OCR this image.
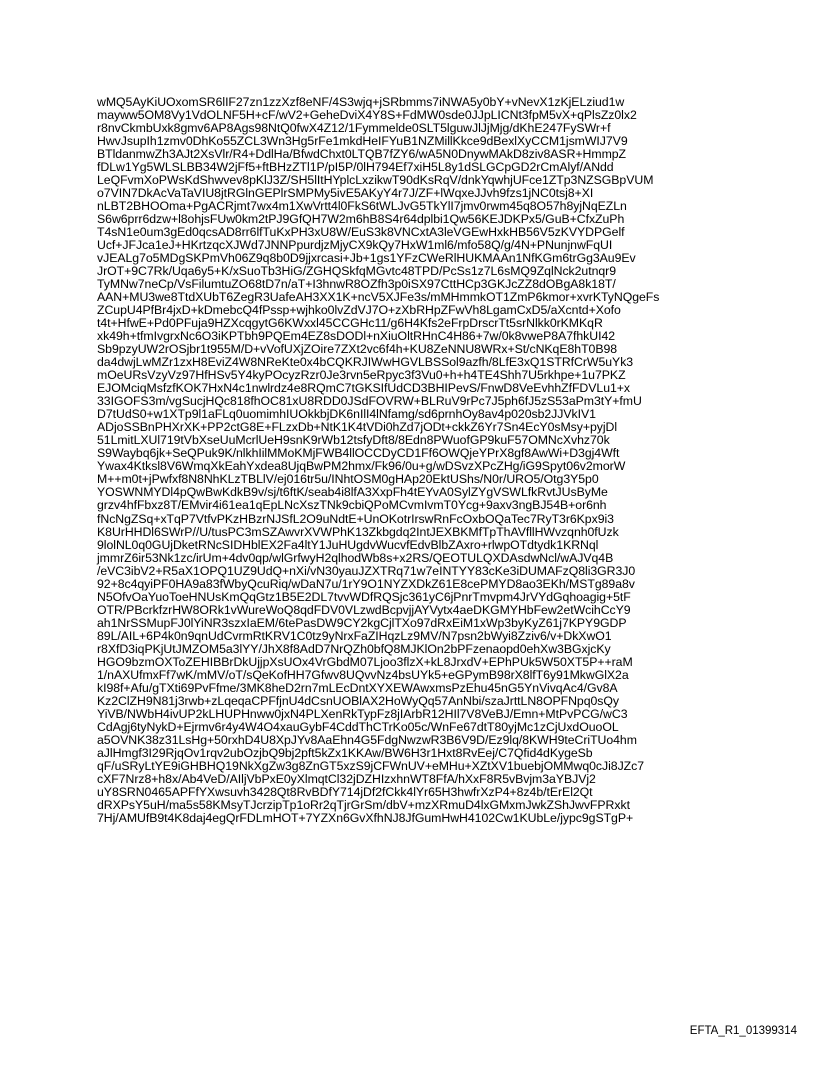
wMQ5AyKiUOxomSR6lIF27zn1zzXzf8eNF/4S3wjq+jSRbmms7iNWA5y0bY+vNevX1zKjELziud1w
mayww5OM8Vy1VdOLNF5H+cF/wV2+GeheDviX4Y8S+FdMW0sde0JJpLICNt3fpM5vX+qPlsZz0lx2
r8nvCkmbUxk8gmv6AP8Ags98NtQ0fwX4Z12/1Fymmelde0SLT5lguwJlJjMjg/dKhE247FySWr+f
HwvJsupIh1zmv0DhKo55ZCL3Wn3Hg5rFe1mkdHeIFYuB1NZMillKkce9dBexlXyCCM1jsmWIJ7V9
BTldanmwZh3AJt2XsVlr/R4+DdlHa/BfwdChxt0LTQB7fZY6/wA5N0DnywMAkD8ziv8ASR+HmmpZ
fDLw1Yg5WLSLBB34W2jFf5+ftBHzZTl1P/pI5P/0lH794Ef7xiH5L8y1dSLGCpGD2rCmAlyf/ANdd
LeQFvmXoPWsKdShwvev8pKlJ3Z/SH5lItHYplcLxzikwT90dKsRqV/dnkYqwhjUFce1ZTp3NZSGBpVUM
o7VIN7DkAcVaTaVIU8jtRGlnGEPlrSMPMy5ivE5AKyY4r7J/ZF+lWqxeJJvh9fzs1jNC0tsj8+XI
nLBT2BHOOma+PgACRjmt7wx4m1XwVrtt4l0FkS6tWLJvG5TkYlI7jmv0rwm45q8O57h8yjNqEZLn
S6w6prr6dzw+l8ohjsFUw0km2tPJ9GfQH7W2m6hB8S4r64dplbi1Qw56KEJDKPx5/GuB+CfxZuPh
T4sN1e0um3gEd0qcsAD8rr6lfTuKxPH3xU8W/EuS3k8VNCxtA3leVGEwHxkHB56V5zKVYDPGelf
Ucf+JFJca1eJ+HKrtzqcXJWd7JNNPpurdjzMjyCX9kQy7HxW1ml6/mfo58Q/g/4N+PNunjnwFqUI
vJEALg7o5MDgSKPmVh06Z9q8b0D9jjxrcasi+Jb+1gs1YFzCWeRlHUKMAAn1NfKGm6trGg3Au9Ev
JrOT+9C7Rk/Uqa6y5+K/xSuoTb3HiG/ZGHQSkfqMGvtc48TPD/PcSs1z7L6sMQ9ZqlNck2utnqr9
TyMNw7neCp/VsFilumtuZO68tD7n/aT+I3hnwR8OZfh3p0iSX97CttHCp3GKJcZZ8dOBgA8k18T/
AAN+MU3we8TtdXUbT6ZegR3UafeAH3XX1K+ncV5XJFe3s/mMHmmkOT1ZmP6kmor+xvrKTyNQgeFs
ZCupU4PfBr4jxD+kDmebcQ4fPssp+wjhko0lvZdVJ7O+zXbRHpZFwVh8LgamCxD5/aXcntd+Xofo
t4t+HfwE+Pd0PFuja9HZXcqgytG6KWxxl45CCGHc11/g6H4Kfs2eFrpDrscrTt5srNlkk0rKMKqR
xk49h+tfmIvgrxNc6O3iKPTbh9PQEm4EZ8sDODl+nXiuOltRHnC4H86+7w/0k8vweP8A7fhkUI42
Sb9pzyUW2rOSjbr1t955M/D+vVofUXjZOire7ZXt2vc6f4h+KU8ZeNNU8WRx+St/cNKqE8hT0B98
da4dwjLwMZr1zxH8EviZ4W8NReKte0x4bCQKRJIWwHGVLBSSol9azfh/8LfE3xQ1STRfCrW5uYk3
mOeURsVzyVz97HfHSv5Y4kyPOcyzRzr0Je3rvn5eRpyc3f3Vu0+h+h4TE4Shh7U5rkhpe+1u7PKZ
EJOMciqMsfzfKOK7HxN4c1nwlrdz4e8RQmC7tGKSIfUdCD3BHIPevS/FnwD8VeEvhhZfFDVLu1+x
33IGOFS3m/vgSucjHQc818fhOC81xU8RDD0JSdFOVRW+BLRuV9rPc7J5ph6fJ5zS53aPm3tY+fmU
D7tUdS0+w1XTp9l1aFLq0uomimhIUOkkbjDK6nIlI4lNfamg/sd6prnhOy8av4p020sb2JJVkIV1
ADjoSSBnPHXrXK+PP2ctG8E+FLzxDb+NtK1K4tVDi0hZd7jODt+ckkZ6Yr7Sn4EcY0sMsy+pyjDl
51LmitLXUl719tVbXseUuMcrlUeH9snK9rWb12tsfyDft8/8Edn8PWuofGP9kuF57OMNcXvhz70k
S9Waybq6jk+SeQPuk9K/nlkhIilMMoKMjFWB4llOCCDyCD1Ff6OWQjeYPrX8gf8AwWi+D3gj4Wft
Ywax4Ktksl8V6WmqXkEahYxdea8UjqBwPM2hmx/Fk96/0u+g/wDSvzXPcZHg/iG9Spyt06v2morW
M++m0t+jPwfxf8N8NhKLzTBLlV/ej016tr5u/INhtOSM0gHAp20EktUShs/N0r/URO5/Otg3Y5p0
YOSWNMYDl4pQwBwKdkB9v/sj/t6ftK/seab4i8lfA3XxpFh4tEYvA0SylZYgVSWLfkRvtJUsByMe
grzv4hfFbxz8T/EMvir4i61ea1qEpLNcXszTNk9cbiQPoMCvmIvmT0Ycg+9axv3ngBJ54B+or6nh
fNcNgZSq+xTqP7VtfvPKzHBzrNJSfL2O9uNdtE+UnOKotrIrswRnFcOxbOQaTec7RyT3r6Kpx9i3
K8UrHHDl6SWrP//U/tusPC3mSZAwvrXVWPhK13Zkbgdq2IntJEXBKMfTpThAVfllHWvzqnh0fUzk
9lolNL0q0GUjDketRNcSIDHblEX2Fa4ltY1JuHUgdvWucvfEdvBlbZAxro+rlwpOTdtydk1KRNql
jmmrZ6ir53Nk1zc/irUm+4dv0qp/wlGrfwyH2qlhodWb8s+x2RS/QEOTULQXDAsdwNcl/wAJVq4B
/eVC3ibV2+R5aX1OPQ1UZ9UdQ+nXi/vN30yauJZXTRq71w7eINTYY83cKe3iDUMAFzQ8li3GR3J0
92+8c4qyiPF0HA9a83fWbyQcuRiq/wDaN7u/1rY9O1NYZXDkZ61E8cePMYD8ao3EKh/MSTg89a8v
N5OfvOaYuoToeHNUsKmQqGtz1B5E2DL7tvvWDfRQSjc361yC6jPnrTmvpm4JrVYdGqhoagig+5tF
OTR/PBcrkfzrHW8ORk1vWureWoQ8qdFDV0VLzwdBcpvjjAYVytx4aeDKGMYHbFew2etWcihCcY9
ah1NrSSMupFJ0lYiNR3szxIaEM/6tePasDW9CY2kgCjlTXo97dRxEiM1xWp3byKyZ61j7KPY9GDP
89L/AIL+6P4k0n9qnUdCvrmRtKRV1C0tz9yNrxFaZIHqzLz9MV/N7psn2bWyi8Zziv6/v+DkXwO1
r8XfD3iqPKjUtJMZOM5a3lYY/JhX8f8AdD7NrQZh0bfQ8MJKlOn2bPFzenaopd0ehXw3BGxjcKy
HGO9bzmOXToZEHIBBrDkUjjpXsUOx4VrGbdM07Ljoo3flzX+kL8JrxdV+EPhPUk5W50XT5P++raM
1/nAXUfmxFf7wK/mMV/oT/sQeKofHH7Gfwv8UQvvNz4bsUYk5+eGPymB98rX8lfT6y91MkwGlX2a
kI98f+Afu/gTXti69PvFfme/3MK8heD2rn7mLEcDntXYXEWAwxmsPzEhu45nG5YnVivqAc4/Gv8A
Kz2ClZH9N81j3rwb+zLqeqaCPFfjnU4dCsnUOBlAX2HoWyQq57AnNbi/szaJrttLN8OPFNpq0sQy
YiVB/NWbH4ivUP2kLHUPHnww0jxN4PLXenRkTypFz8jIArbR12HIl7V8VeBJ/Emn+MtPvPCG/wC3
CdAgj6tyNykD+Ejrmv6r4y4W4O4xauGybF4CddThCTrKo05c/WnFe67dtT80yjMc1zCjUxdOuoOL
a5OVNK38z31LsHg+50rxhD4U8XpJYv8AaEhn4G5FdgNwzwR3B6V9D/Ez9lq/8KWH9teCriTUo4hm
aJlHmgf3I29RjqOv1rqv2ubOzjbQ9bj2pft5kZx1KKAw/BW6H3r1Hxt8RvEej/C7Qfid4dKygeSb
qF/uSRyLtYE9iGHBHQ19NkXgZw3g8ZnGT5xzS9jCFWnUV+eMHu+XZtXV1buebjOMMwq0cJi8JZc7
cXF7Nrz8+h8x/Ab4VeD/AIljVbPxE0yXlmqtCl32jDZHIzxhnWT8FfA/hXxF8R5vBvjm3aYBJVj2
uY8SRN0465APFfYXwsuvh3428Qt8RvBDfY714jDf2fCkk4lYr65H3hwfrXzP4+8z4b/tErEl2Qt
dRXPsY5uH/ma5s58KMsyTJcrzipTp1oRr2qTjrGrSm/dbV+mzXRmuD4lxGMxmJwkZShJwvFPRxkt
7Hj/AMUfB9t4K8daj4egQrFDLmHOT+7YZXn6GvXfhNJ8JfGumHwH4102Cw1KUbLe/jypc9gSTgP+
EFTA_R1_01399314
